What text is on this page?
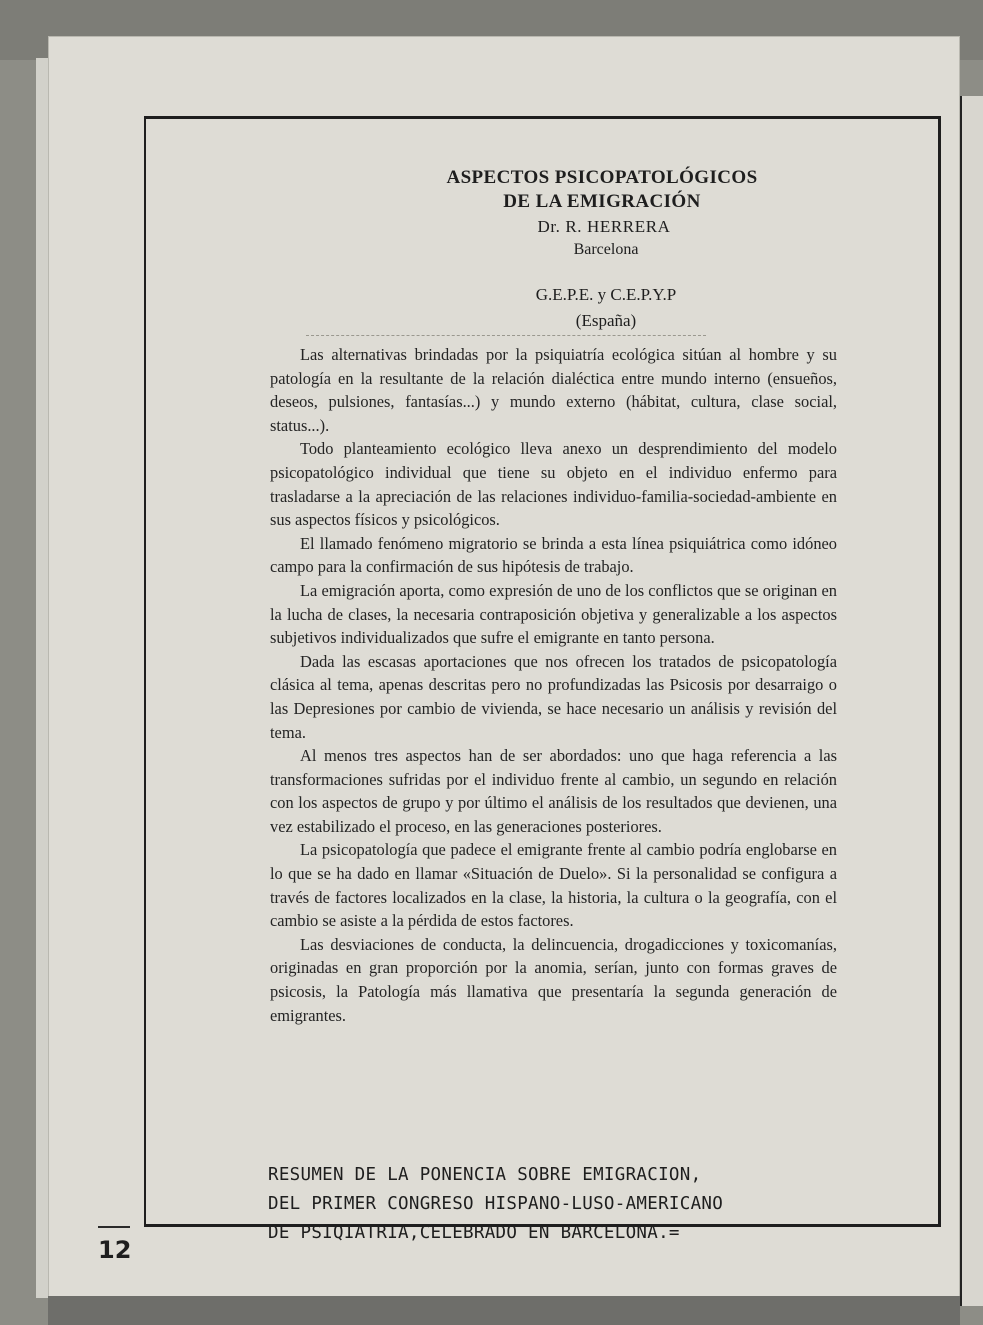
ASPECTOS PSICOPATOLÓGICOS
DE LA EMIGRACIÓN
Dr. R. HERRERA
Barcelona
G.E.P.E. y C.E.P.Y.P
(España)

Las alternativas brindadas por la psiquiatría ecológica sitúan al hombre y su patología en la resultante de la relación dialéctica entre mundo interno (ensueños, deseos, pulsiones, fantasías...) y mundo externo (hábitat, cultura, clase social, status...).

Todo planteamiento ecológico lleva anexo un desprendimiento del modelo psicopatológico individual que tiene su objeto en el individuo enfermo para trasladarse a la apreciación de las relaciones individuo-familia-sociedad-ambiente en sus aspectos físicos y psicológicos.

El llamado fenómeno migratorio se brinda a esta línea psiquiátrica como idóneo campo para la confirmación de sus hipótesis de trabajo.

La emigración aporta, como expresión de uno de los conflictos que se originan en la lucha de clases, la necesaria contraposición objetiva y generalizable a los aspectos subjetivos individualizados que sufre el emigrante en tanto persona.

Dada las escasas aportaciones que nos ofrecen los tratados de psicopatología clásica al tema, apenas descritas pero no profundizadas las Psicosis por desarraigo o las Depresiones por cambio de vivienda, se hace necesario un análisis y revisión del tema.

Al menos tres aspectos han de ser abordados: uno que haga referencia a las transformaciones sufridas por el individuo frente al cambio, un segundo en relación con los aspectos de grupo y por último el análisis de los resultados que devienen, una vez estabilizado el proceso, en las generaciones posteriores.

La psicopatología que padece el emigrante frente al cambio podría englobarse en lo que se ha dado en llamar «Situación de Duelo». Si la personalidad se configura a través de factores localizados en la clase, la historia, la cultura o la geografía, con el cambio se asiste a la pérdida de estos factores.

Las desviaciones de conducta, la delincuencia, drogadicciones y toxicomanías, originadas en gran proporción por la anomia, serían, junto con formas graves de psicosis, la Patología más llamativa que presentaría la segunda generación de emigrantes.

RESUMEN DE LA PONENCIA SOBRE EMIGRACION,
DEL PRIMER CONGRESO HISPANO-LUSO-AMERICANO
DE PSIQIATRIA,CELEBRADO EN BARCELONA.=
12
